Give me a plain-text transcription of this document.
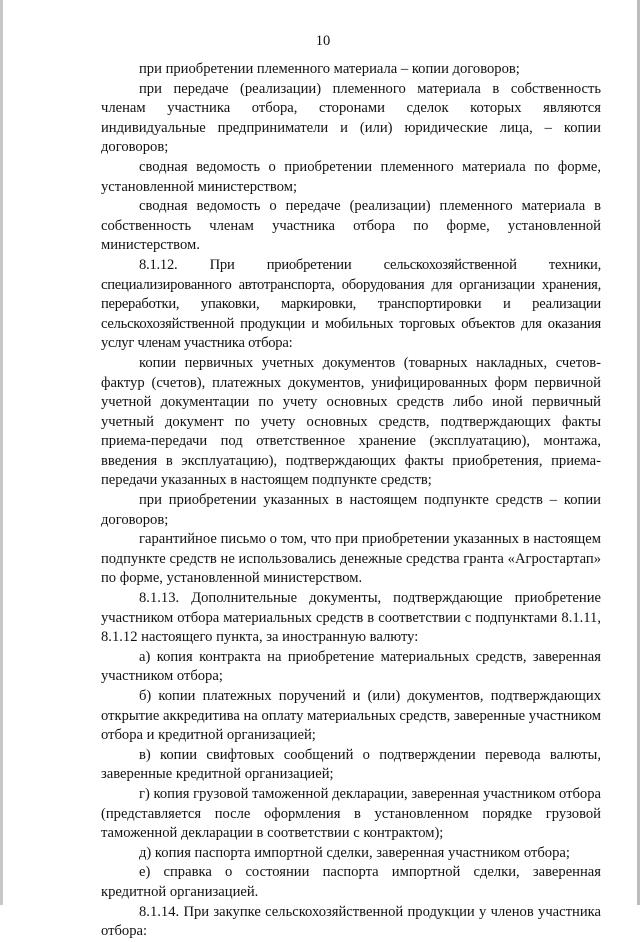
10

при приобретении племенного материала – копии договоров;

при передаче (реализации) племенного материала в собственность членам участника отбора, сторонами сделок которых являются индивидуальные предприниматели и (или) юридические лица, – копии договоров;

сводная ведомость о приобретении племенного материала по форме, установленной министерством;

сводная ведомость о передаче (реализации) племенного материала в собственность членам участника отбора по форме, установленной министерством.

8.1.12. При приобретении сельскохозяйственной техники, специализированного автотранспорта, оборудования для организации хранения, переработки, упаковки, маркировки, транспортировки и реализации сельскохозяйственной продукции и мобильных торговых объектов для оказания услуг членам участника отбора:

копии первичных учетных документов (товарных накладных, счетов-фактур (счетов), платежных документов, унифицированных форм первичной учетной документации по учету основных средств либо иной первичный учетный документ по учету основных средств, подтверждающих факты приема-передачи под ответственное хранение (эксплуатацию), монтажа, введения в эксплуатацию), подтверждающих факты приобретения, приема-передачи указанных в настоящем подпункте средств;

при приобретении указанных в настоящем подпункте средств – копии договоров;

гарантийное письмо о том, что при приобретении указанных в настоящем подпункте средств не использовались денежные средства гранта «Агростартап» по форме, установленной министерством.

8.1.13. Дополнительные документы, подтверждающие приобретение участником отбора материальных средств в соответствии с подпунктами 8.1.11, 8.1.12 настоящего пункта, за иностранную валюту:

а) копия контракта на приобретение материальных средств, заверенная участником отбора;

б) копии платежных поручений и (или) документов, подтверждающих открытие аккредитива на оплату материальных средств, заверенные участником отбора и кредитной организацией;

в) копии свифтовых сообщений о подтверждении перевода валюты, заверенные кредитной организацией;

г) копия грузовой таможенной декларации, заверенная участником отбора (представляется после оформления в установленном порядке грузовой таможенной декларации в соответствии с контрактом);

д) копия паспорта импортной сделки, заверенная участником отбора;

е) справка о состоянии паспорта импортной сделки, заверенная кредитной организацией.

8.1.14. При закупке сельскохозяйственной продукции у членов участника отбора:
